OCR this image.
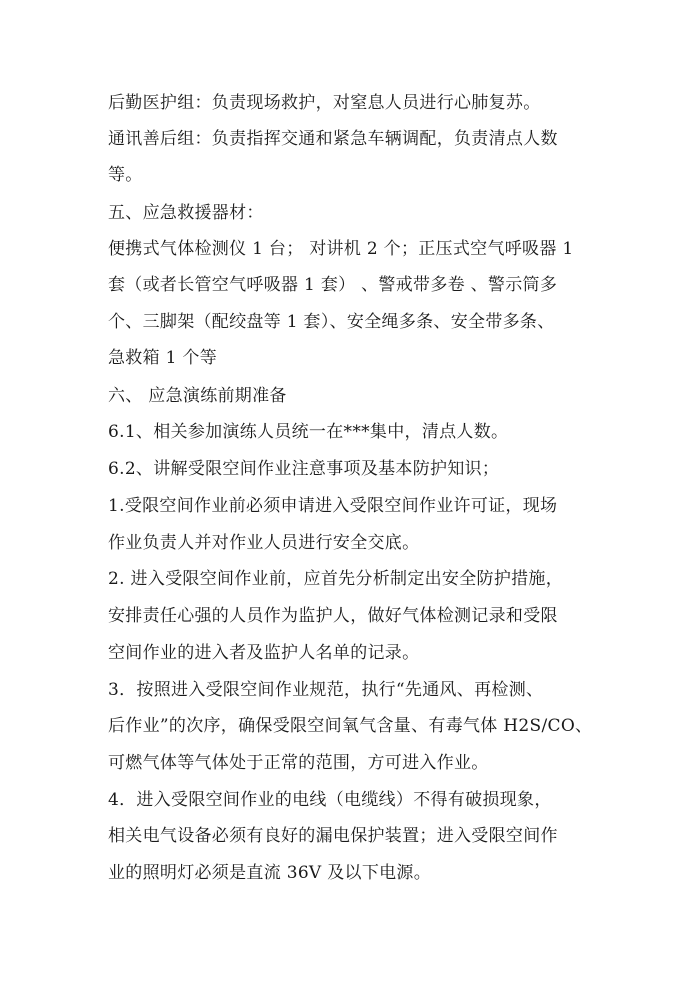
后勤医护组：负责现场救护，对窒息人员进行心肺复苏。
通讯善后组：负责指挥交通和紧急车辆调配，负责清点人数
等。
五、应急救援器材：
便携式气体检测仪 1 台； 对讲机 2 个；正压式空气呼吸器 1
套（或者长管空气呼吸器 1 套） 、警戒带多卷 、警示筒多
个、三脚架（配绞盘等 1 套）、安全绳多条、安全带多条、
急救箱 1 个等
六、 应急演练前期准备
6.1、相关参加演练人员统一在***集中，清点人数。
6.2、讲解受限空间作业注意事项及基本防护知识；
1.受限空间作业前必须申请进入受限空间作业许可证，现场
作业负责人并对作业人员进行安全交底。
2. 进入受限空间作业前，应首先分析制定出安全防护措施，
安排责任心强的人员作为监护人，做好气体检测记录和受限
空间作业的进入者及监护人名单的记录。
3．按照进入受限空间作业规范，执行“先通风、再检测、
后作业”的次序，确保受限空间氧气含量、有毒气体 H2S/CO、
可燃气体等气体处于正常的范围，方可进入作业。
4．进入受限空间作业的电线（电缆线）不得有破损现象，
相关电气设备必须有良好的漏电保护装置；进入受限空间作
业的照明灯必须是直流 36V 及以下电源。
